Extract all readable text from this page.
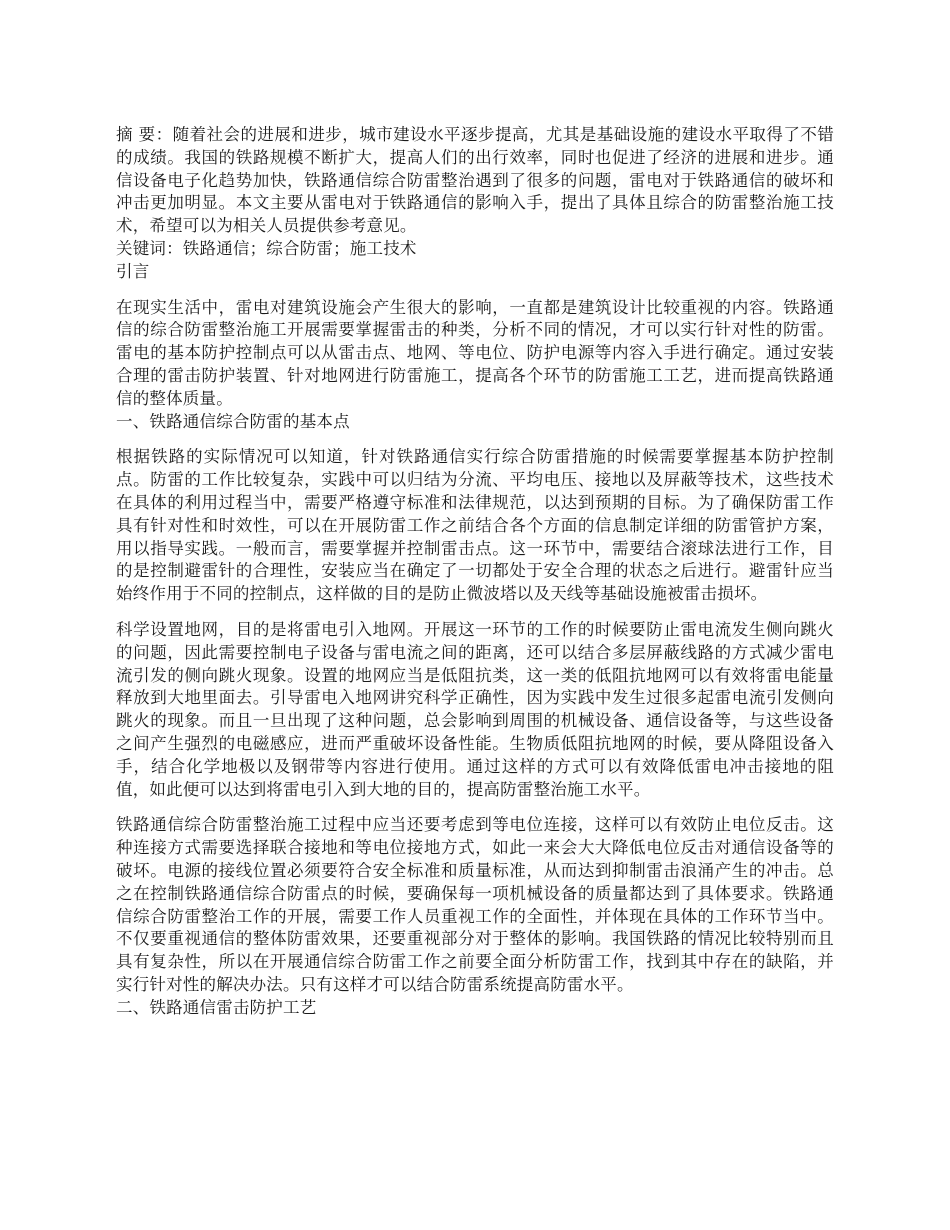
摘 要：随着社会的进展和进步，城市建设水平逐步提高，尤其是基础设施的建设水平取得了不错的成绩。我国的铁路规模不断扩大，提高人们的出行效率，同时也促进了经济的进展和进步。通信设备电子化趋势加快，铁路通信综合防雷整治遇到了很多的问题，雷电对于铁路通信的破坏和冲击更加明显。本文主要从雷电对于铁路通信的影响入手，提出了具体且综合的防雷整治施工技术，希望可以为相关人员提供参考意见。

关键词：铁路通信；综合防雷；施工技术

引言

在现实生活中，雷电对建筑设施会产生很大的影响，一直都是建筑设计比较重视的内容。铁路通信的综合防雷整治施工开展需要掌握雷击的种类，分析不同的情况，才可以实行针对性的防雷。雷电的基本防护控制点可以从雷击点、地网、等电位、防护电源等内容入手进行确定。通过安装合理的雷击防护装置、针对地网进行防雷施工，提高各个环节的防雷施工工艺，进而提高铁路通信的整体质量。

一、铁路通信综合防雷的基本点

根据铁路的实际情况可以知道，针对铁路通信实行综合防雷措施的时候需要掌握基本防护控制点。防雷的工作比较复杂，实践中可以归结为分流、平均电压、接地以及屏蔽等技术，这些技术在具体的利用过程当中，需要严格遵守标准和法律规范，以达到预期的目标。为了确保防雷工作具有针对性和时效性，可以在开展防雷工作之前结合各个方面的信息制定详细的防雷管护方案，用以指导实践。一般而言，需要掌握并控制雷击点。这一环节中，需要结合滚球法进行工作，目的是控制避雷针的合理性，安装应当在确定了一切都处于安全合理的状态之后进行。避雷针应当始终作用于不同的控制点，这样做的目的是防止微波塔以及天线等基础设施被雷击损坏。

科学设置地网，目的是将雷电引入地网。开展这一环节的工作的时候要防止雷电流发生侧向跳火的问题，因此需要控制电子设备与雷电流之间的距离，还可以结合多层屏蔽线路的方式减少雷电流引发的侧向跳火现象。设置的地网应当是低阻抗类，这一类的低阻抗地网可以有效将雷电能量释放到大地里面去。引导雷电入地网讲究科学正确性，因为实践中发生过很多起雷电流引发侧向跳火的现象。而且一旦出现了这种问题，总会影响到周围的机械设备、通信设备等，与这些设备之间产生强烈的电磁感应，进而严重破坏设备性能。生物质低阻抗地网的时候，要从降阻设备入手，结合化学地极以及钢带等内容进行使用。通过这样的方式可以有效降低雷电冲击接地的阻值，如此便可以达到将雷电引入到大地的目的，提高防雷整治施工水平。

铁路通信综合防雷整治施工过程中应当还要考虑到等电位连接，这样可以有效防止电位反击。这种连接方式需要选择联合接地和等电位接地方式，如此一来会大大降低电位反击对通信设备等的破坏。电源的接线位置必须要符合安全标准和质量标准，从而达到抑制雷击浪涌产生的冲击。总之在控制铁路通信综合防雷点的时候，要确保每一项机械设备的质量都达到了具体要求。铁路通信综合防雷整治工作的开展，需要工作人员重视工作的全面性，并体现在具体的工作环节当中。不仅要重视通信的整体防雷效果，还要重视部分对于整体的影响。我国铁路的情况比较特别而且具有复杂性，所以在开展通信综合防雷工作之前要全面分析防雷工作，找到其中存在的缺陷，并实行针对性的解决办法。只有这样才可以结合防雷系统提高防雷水平。

二、铁路通信雷击防护工艺
